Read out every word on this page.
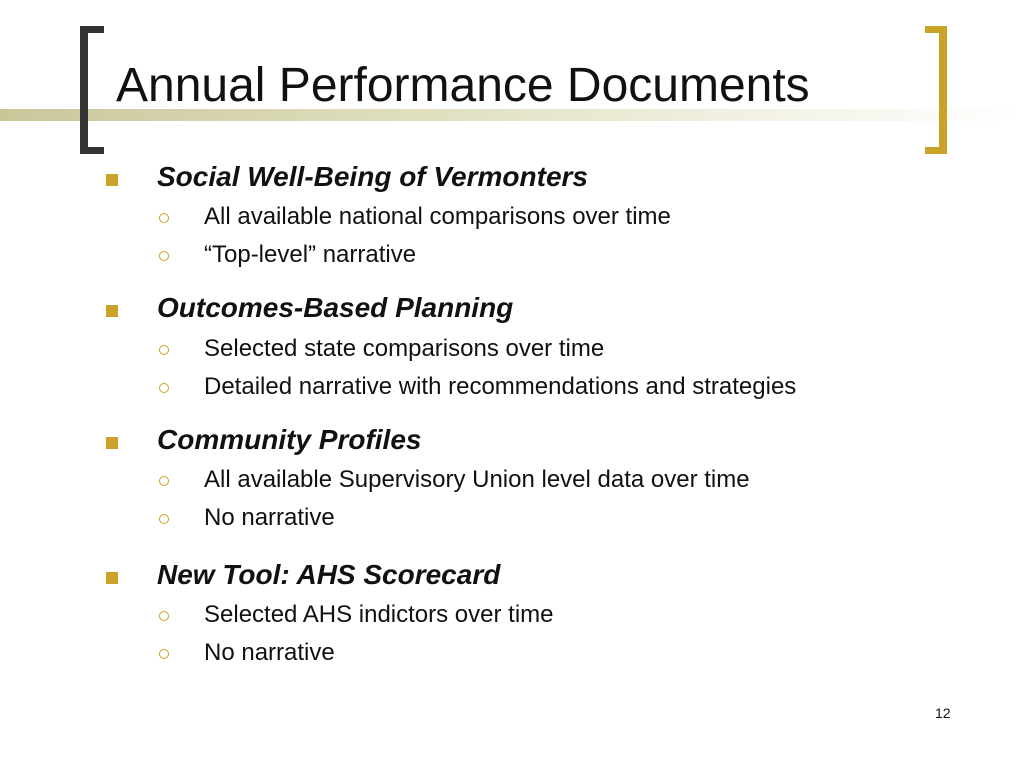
Annual Performance Documents
Social Well-Being of Vermonters
All available national comparisons over time
“Top-level” narrative
Outcomes-Based Planning
Selected state comparisons over time
Detailed narrative with recommendations and strategies
Community Profiles
All available Supervisory Union level data over time
No narrative
New Tool: AHS Scorecard
Selected AHS indictors over time
No narrative
12
